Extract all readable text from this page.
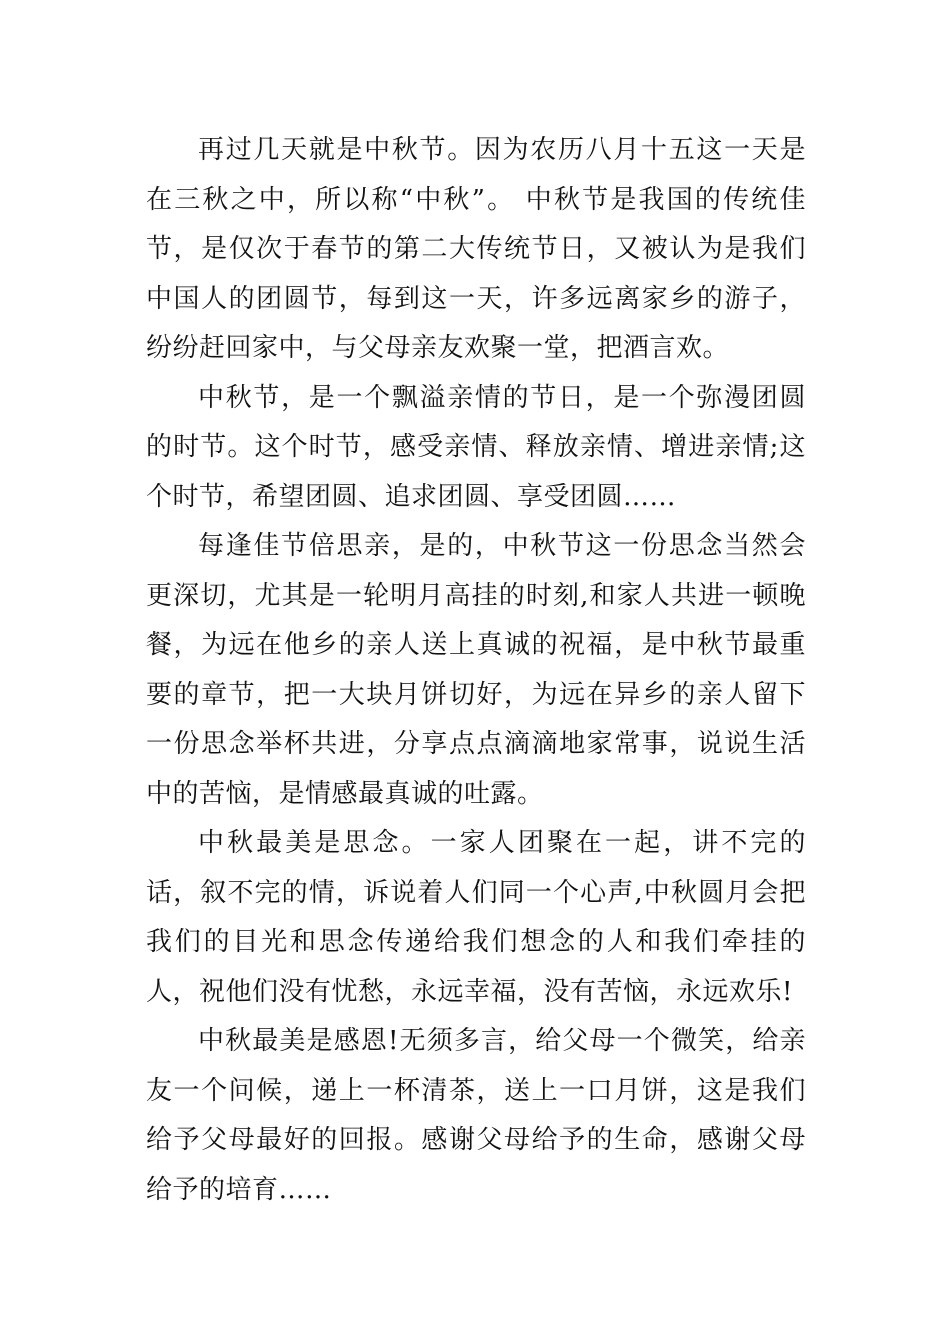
再过几天就是中秋节。因为农历八月十五这一天是在三秋之中，所以称“中秋”。 中秋节是我国的传统佳节，是仅次于春节的第二大传统节日，又被认为是我们中国人的团圆节，每到这一天，许多远离家乡的游子，纷纷赶回家中，与父母亲友欢聚一堂，把酒言欢。

中秋节，是一个飘溢亲情的节日，是一个弥漫团圆的时节。这个时节，感受亲情、释放亲情、增进亲情;这个时节，希望团圆、追求团圆、享受团圆……

每逢佳节倍思亲，是的，中秋节这一份思念当然会更深切，尤其是一轮明月高挂的时刻,和家人共进一顿晚餐，为远在他乡的亲人送上真诚的祝福，是中秋节最重要的章节，把一大块月饼切好，为远在异乡的亲人留下一份思念举杯共进，分享点点滴滴地家常事，说说生活中的苦恼，是情感最真诚的吐露。

中秋最美是思念。一家人团聚在一起，讲不完的话，叙不完的情，诉说着人们同一个心声,中秋圆月会把我们的目光和思念传递给我们想念的人和我们牵挂的人，祝他们没有忧愁，永远幸福，没有苦恼，永远欢乐!

中秋最美是感恩!无须多言，给父母一个微笑，给亲友一个问候，递上一杯清茶，送上一口月饼，这是我们给予父母最好的回报。感谢父母给予的生命，感谢父母给予的培育……
